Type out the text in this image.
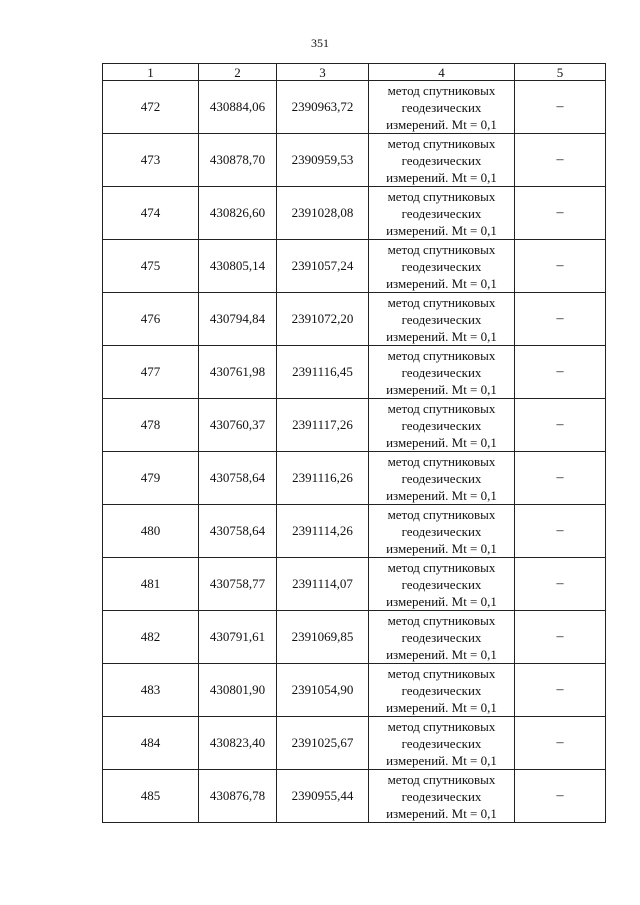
351
1	2	3	4	5
472	430884,06	2390963,72	метод спутниковых
геодезических
измерений. Mt = 0,1	–
473	430878,70	2390959,53	метод спутниковых
геодезических
измерений. Mt = 0,1	–
474	430826,60	2391028,08	метод спутниковых
геодезических
измерений. Mt = 0,1	–
475	430805,14	2391057,24	метод спутниковых
геодезических
измерений. Mt = 0,1	–
476	430794,84	2391072,20	метод спутниковых
геодезических
измерений. Mt = 0,1	–
477	430761,98	2391116,45	метод спутниковых
геодезических
измерений. Mt = 0,1	–
478	430760,37	2391117,26	метод спутниковых
геодезических
измерений. Mt = 0,1	–
479	430758,64	2391116,26	метод спутниковых
геодезических
измерений. Mt = 0,1	–
480	430758,64	2391114,26	метод спутниковых
геодезических
измерений. Mt = 0,1	–
481	430758,77	2391114,07	метод спутниковых
геодезических
измерений. Mt = 0,1	–
482	430791,61	2391069,85	метод спутниковых
геодезических
измерений. Mt = 0,1	–
483	430801,90	2391054,90	метод спутниковых
геодезических
измерений. Mt = 0,1	–
484	430823,40	2391025,67	метод спутниковых
геодезических
измерений. Mt = 0,1	–
485	430876,78	2390955,44	метод спутниковых
геодезических
измерений. Mt = 0,1	–
